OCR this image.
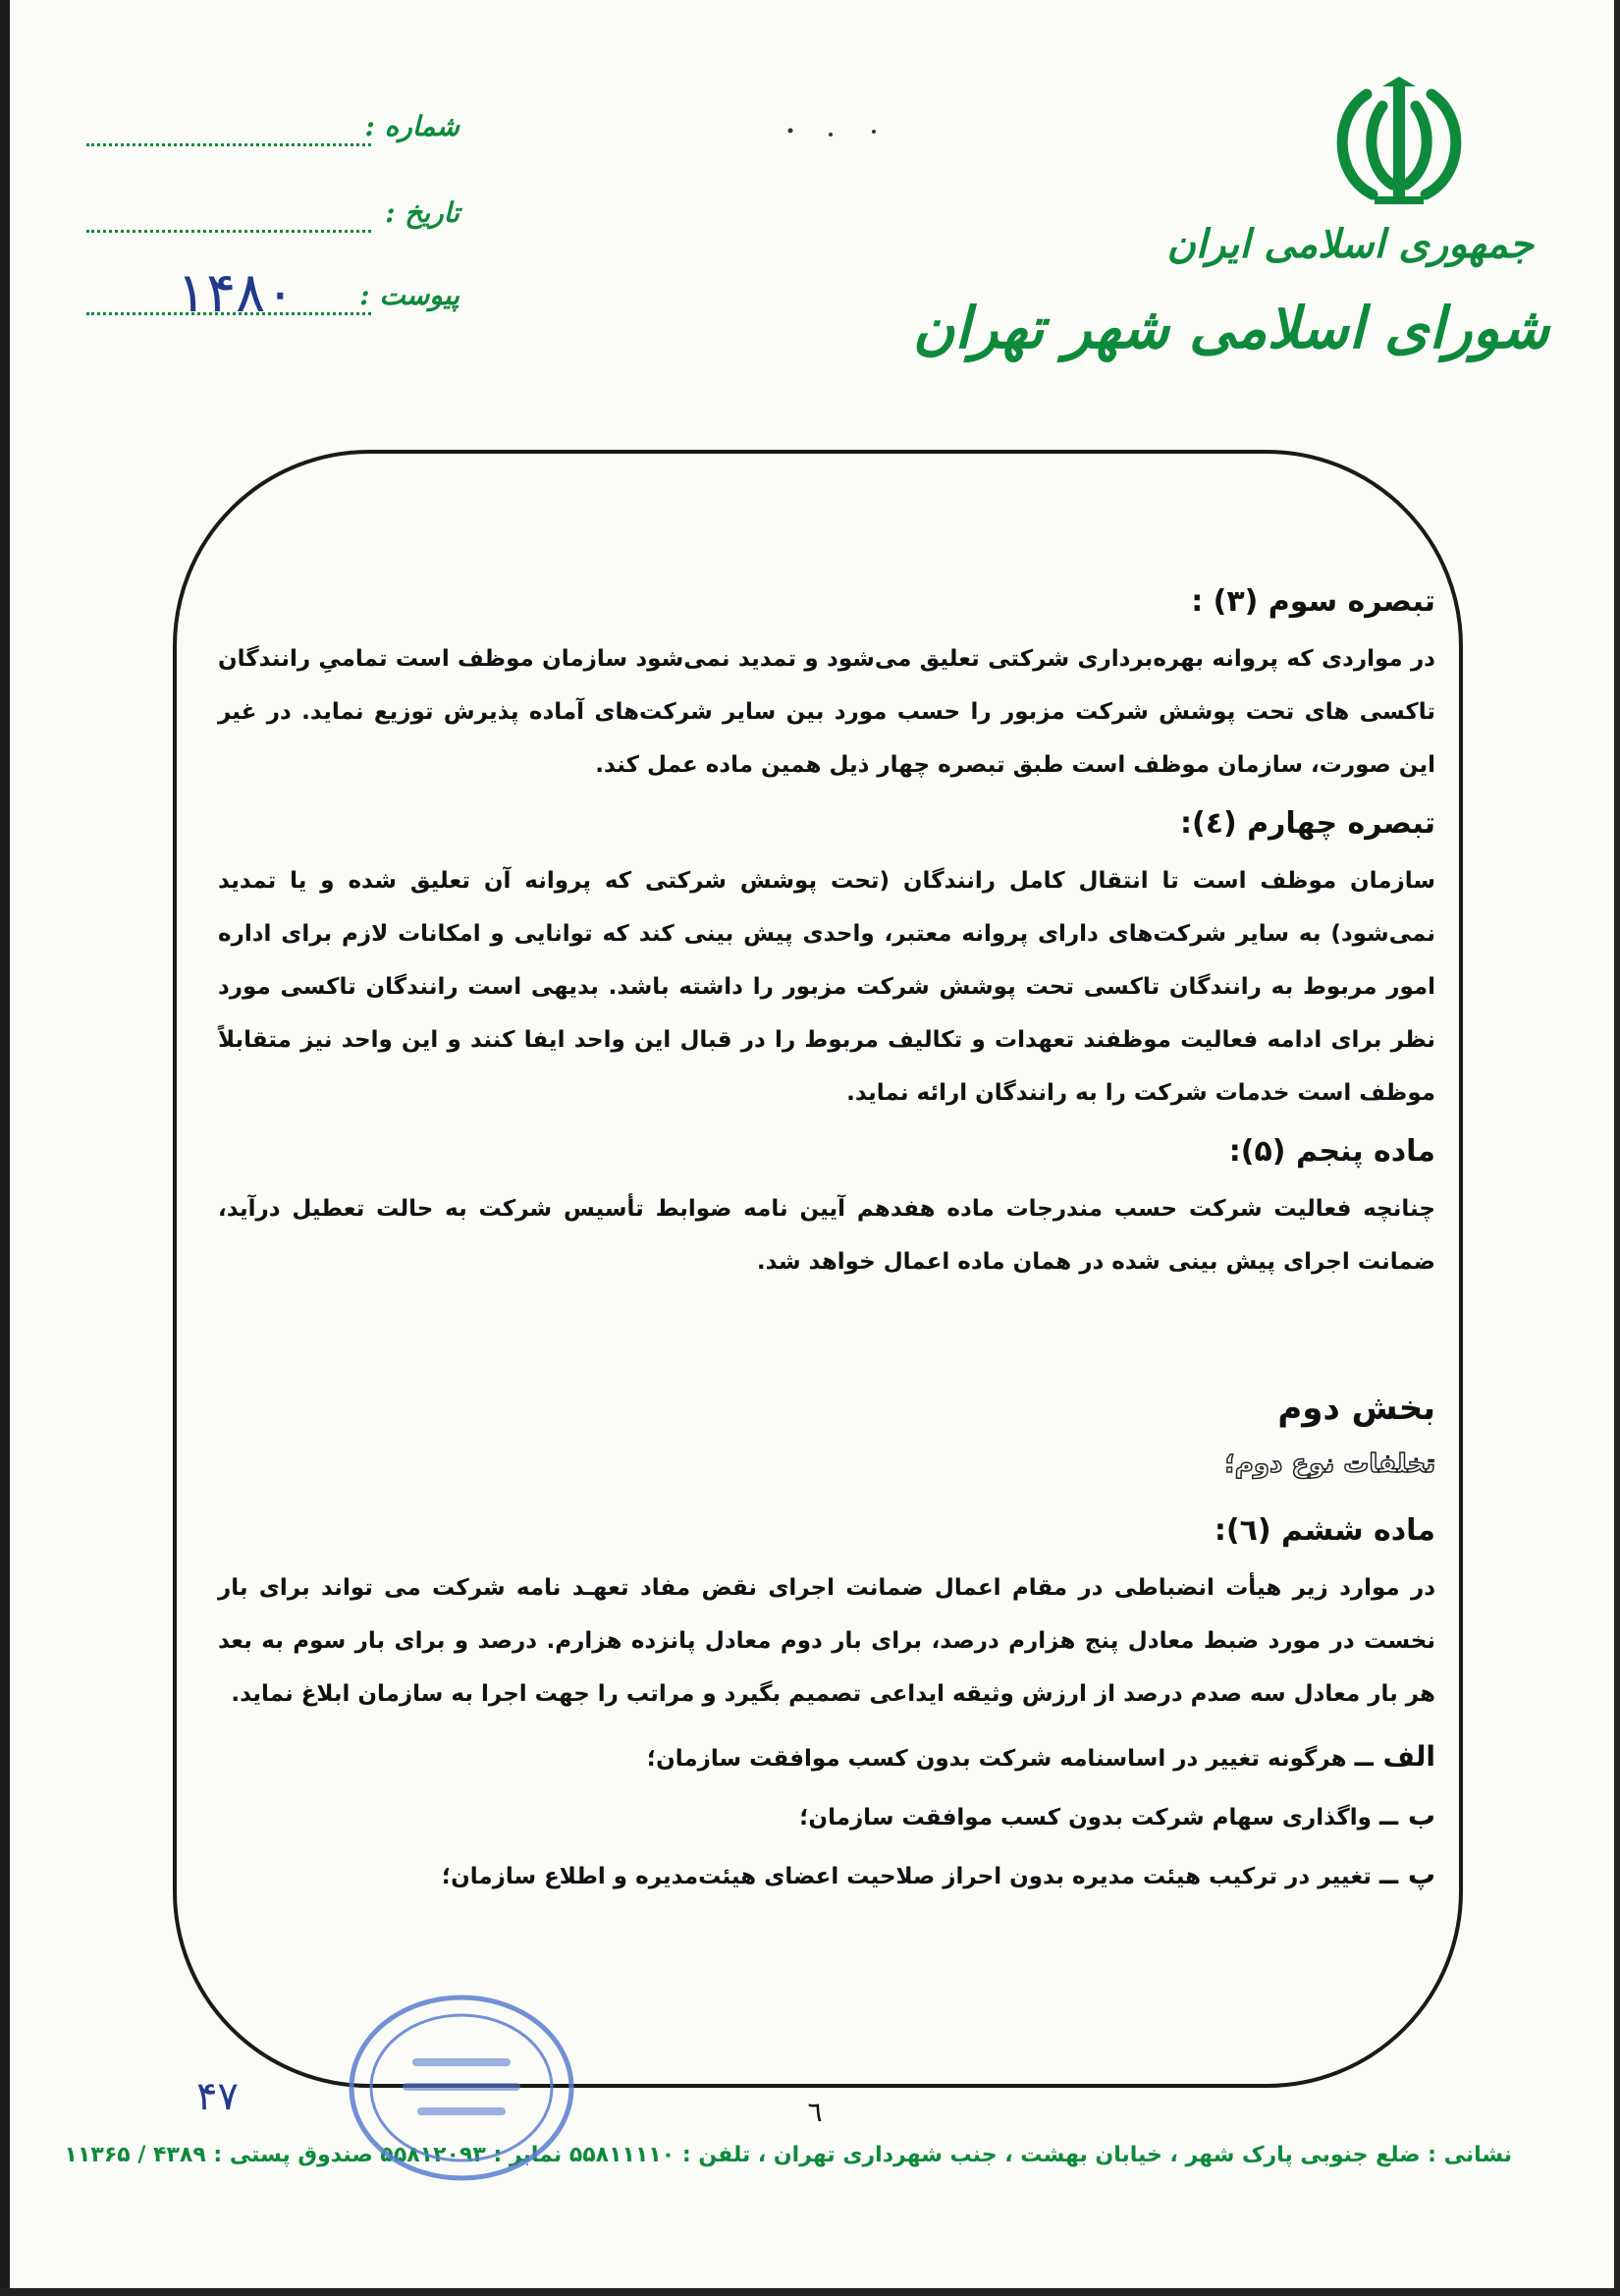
جمهوری اسلامی ایران
شورای اسلامی شهر تهران
شماره :
تاریخ :
پیوست :
۱۴۸۰
تبصره سوم (۳) :

در مواردی که پروانه بهره‌برداری شرکتی تعلیق می‌شود و تمدید نمی‌شود سازمان موظف است تمامیِ رانندگان تاکسی های تحت پوشش شرکت مزبور را حسب مورد بین سایر شرکت‌های آماده پذیرش توزیع نماید. در غیر این صورت، سازمان موظف است طبق تبصره چهار ذیل همین ماده عمل کند.

تبصره چهارم (٤):

سازمان موظف است تا انتقال کامل رانندگان (تحت پوشش شرکتی که پروانه آن تعلیق شده و یا تمدید نمی‌شود) به سایر شرکت‌های دارای پروانه معتبر، واحدی پیش بینی کند که توانایی و امکانات لازم برای اداره امور مربوط به رانندگان تاکسی تحت پوشش شرکت مزبور را داشته باشد. بدیهی است رانندگان تاکسی مورد نظر برای ادامه فعالیت موظفند تعهدات و تکالیف مربوط را در قبال این واحد ایفا کنند و این واحد نیز متقابلاً موظف است خدمات شرکت را به رانندگان ارائه نماید.

ماده پنجم (۵):

چنانچه فعالیت شرکت حسب مندرجات ماده هفدهم آیین نامه ضوابط تأسیس شرکت به حالت تعطیل درآید، ضمانت اجرای پیش بینی شده در همان ماده اعمال خواهد شد.

بخش دوم
تخلفات نوع دوم؛
ماده ششم (٦):

در موارد زیر هیأت انضباطی در مقام اعمال ضمانت اجرای نقض مفاد تعهـد نامه شرکت می تواند برای بار نخست در مورد ضبط معادل پنج هزارم درصد، برای بار دوم معادل پانزده هزارم. درصد و برای بار سوم به بعد هر بار معادل سه صدم درصد از ارزش وثیقه ایداعی تصمیم بگیرد و مراتب را جهت اجرا به سازمان ابلاغ نماید.

الف ــ هرگونه تغییر در اساسنامه شرکت بدون کسب موافقت سازمان؛

ب ــ واگذاری سهام شرکت بدون کسب موافقت سازمان؛

پ ــ تغییر در ترکیب هیئت مدیره بدون احراز صلاحیت اعضای هیئت‌مدیره و اطلاع سازمان؛

۴۷	٦
نشانی : ضلع جنوبی پارک شهر ، خیابان بهشت ، جنب شهرداری تهران ، تلفن : ۵۵۸۱۱۱۱۰ نمابر : ۵۵۸۱۲۰۹۳ صندوق پستی : ۴۳۸۹ / ۱۱۳۶۵
